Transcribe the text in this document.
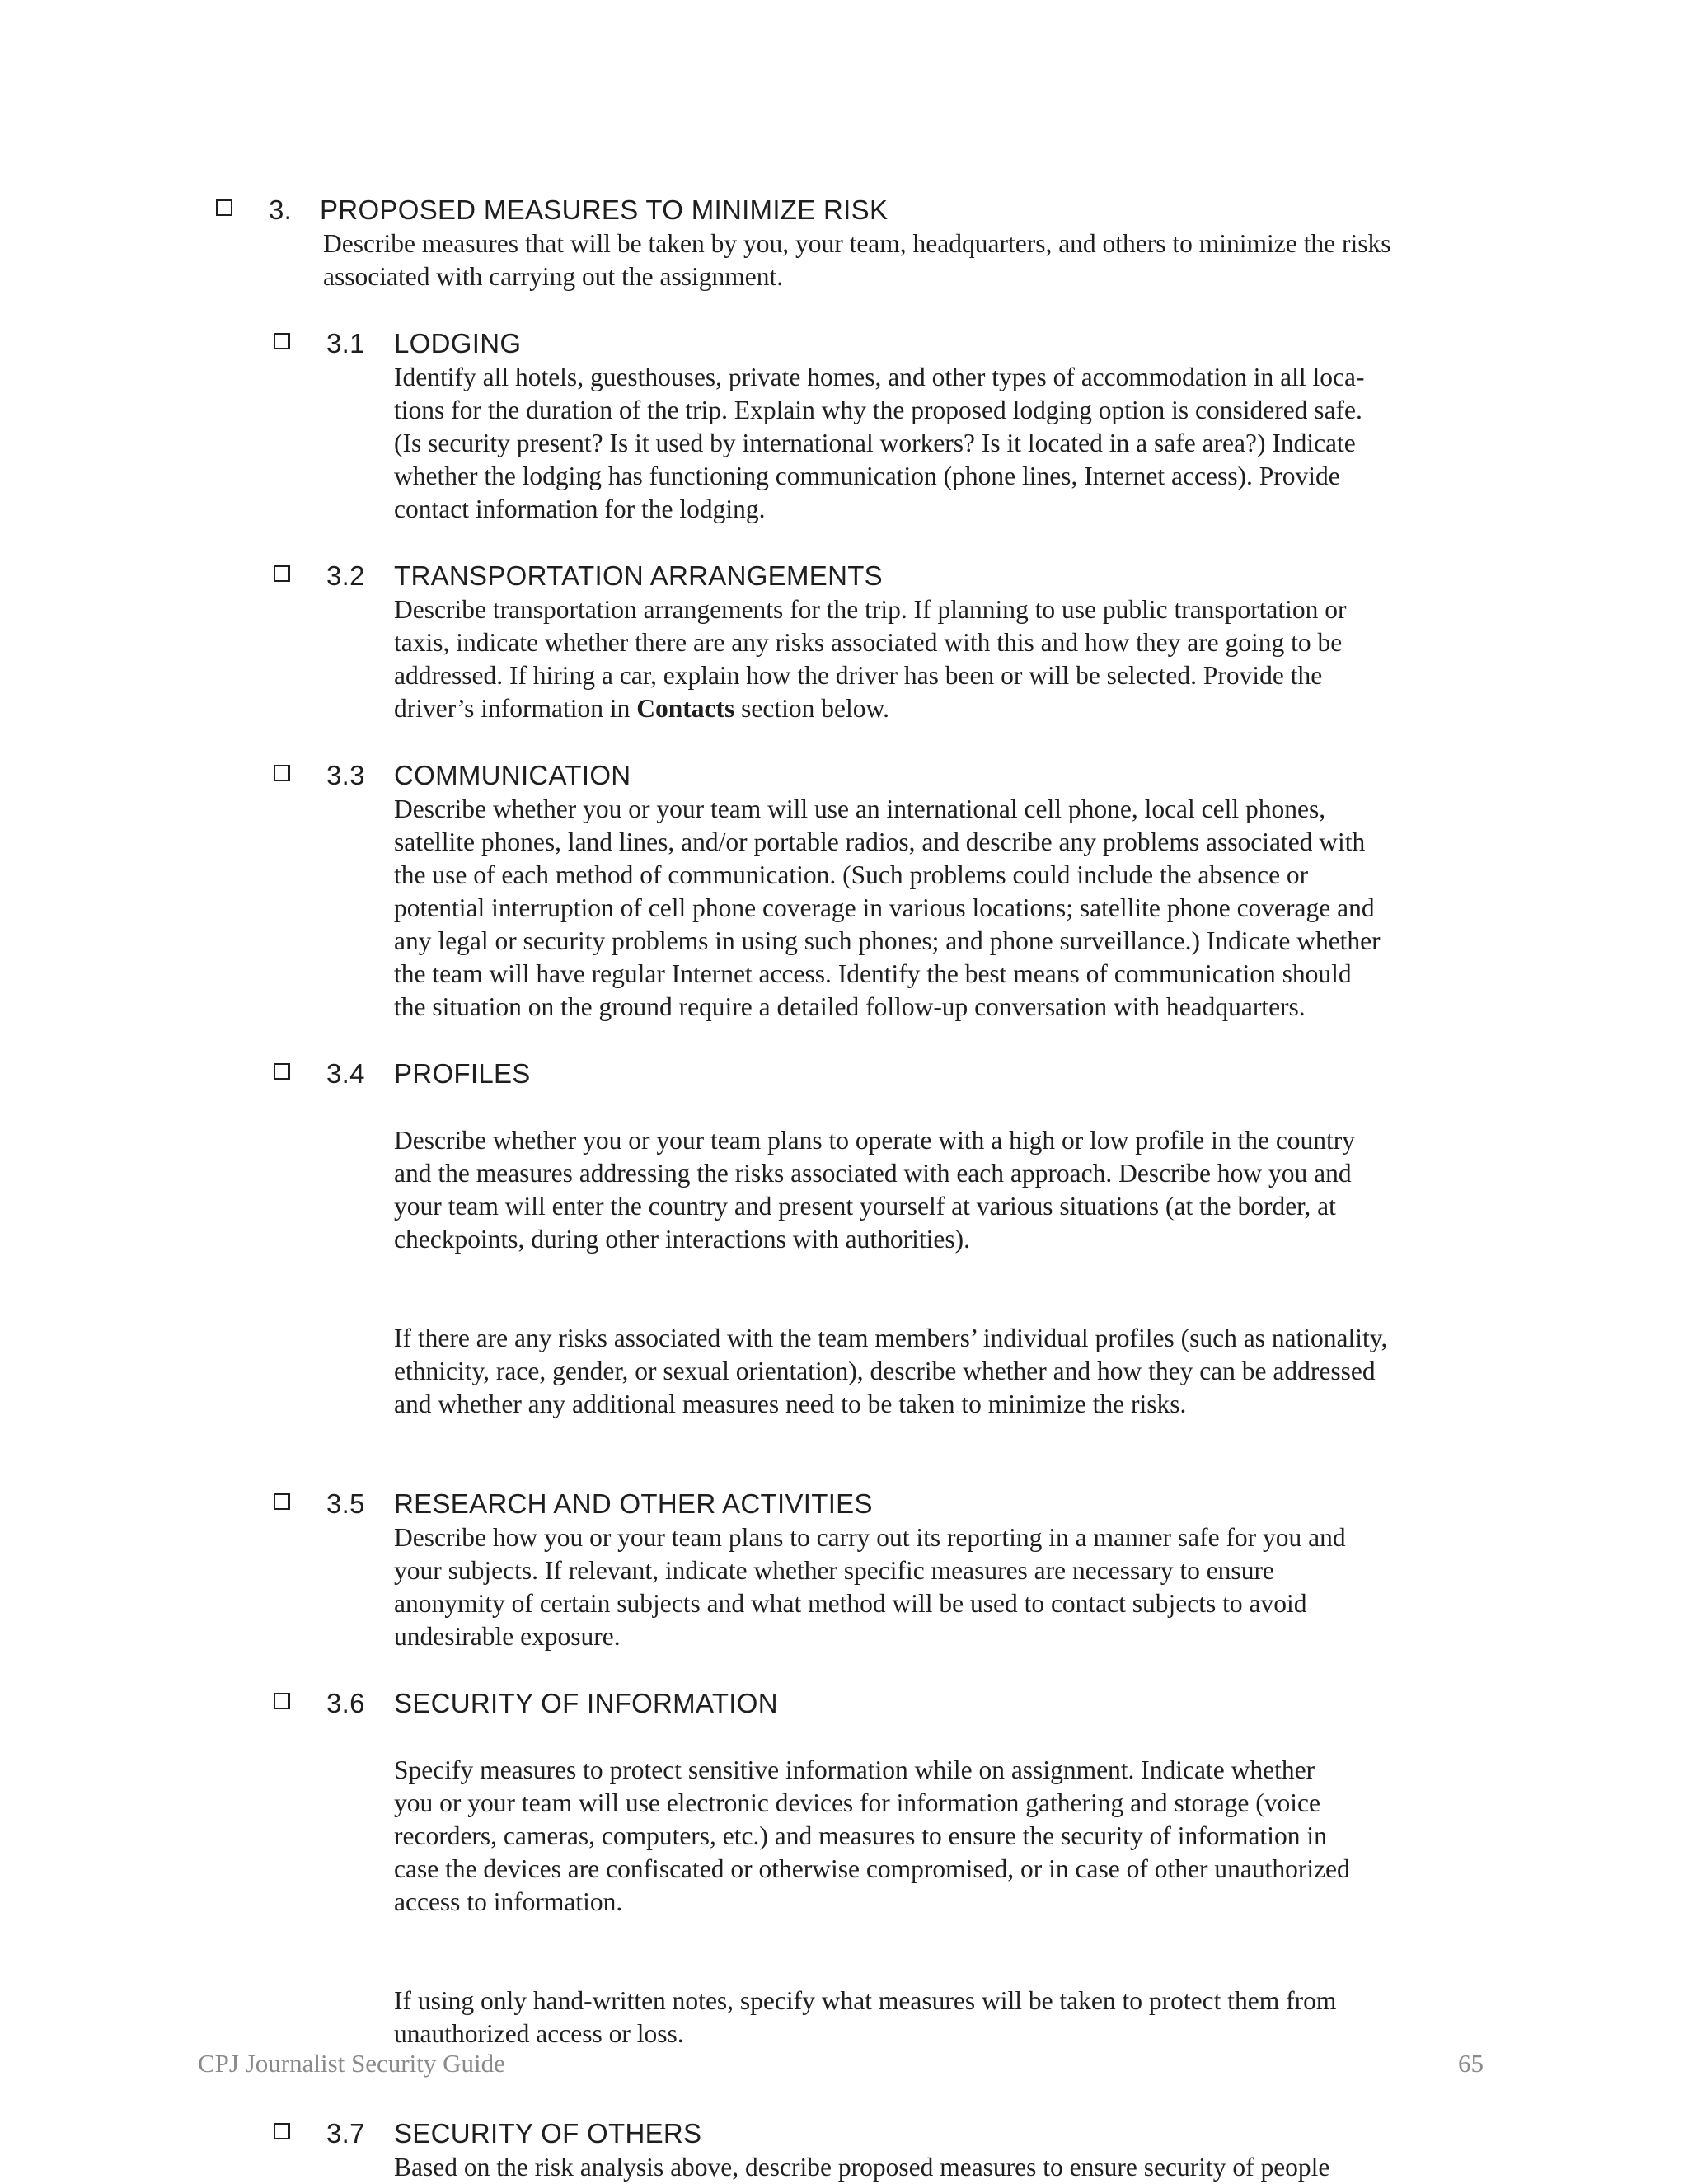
3. PROPOSED MEASURES TO MINIMIZE RISK
Describe measures that will be taken by you, your team, headquarters, and others to minimize the risks associated with carrying out the assignment.
3.1 LODGING
Identify all hotels, guesthouses, private homes, and other types of accommodation in all loca-
tions for the duration of the trip. Explain why the proposed lodging option is considered safe.
(Is security present? Is it used by international workers? Is it located in a safe area?) Indicate
whether the lodging has functioning communication (phone lines, Internet access). Provide
contact information for the lodging.
3.2 TRANSPORTATION ARRANGEMENTS
Describe transportation arrangements for the trip. If planning to use public transportation or
taxis, indicate whether there are any risks associated with this and how they are going to be
addressed. If hiring a car, explain how the driver has been or will be selected. Provide the
driver’s information in Contacts section below.
3.3 COMMUNICATION
Describe whether you or your team will use an international cell phone, local cell phones,
satellite phones, land lines, and/or portable radios, and describe any problems associated with
the use of each method of communication. (Such problems could include the absence or
potential interruption of cell phone coverage in various locations; satellite phone coverage and
any legal or security problems in using such phones; and phone surveillance.) Indicate whether
the team will have regular Internet access. Identify the best means of communication should
the situation on the ground require a detailed follow-up conversation with headquarters.
3.4 PROFILES

Describe whether you or your team plans to operate with a high or low profile in the country
and the measures addressing the risks associated with each approach. Describe how you and
your team will enter the country and present yourself at various situations (at the border, at
checkpoints, during other interactions with authorities).

If there are any risks associated with the team members’ individual profiles (such as nationality,
ethnicity, race, gender, or sexual orientation), describe whether and how they can be addressed
and whether any additional measures need to be taken to minimize the risks.

3.5 RESEARCH AND OTHER ACTIVITIES
Describe how you or your team plans to carry out its reporting in a manner safe for you and
your subjects. If relevant, indicate whether specific measures are necessary to ensure
anonymity of certain subjects and what method will be used to contact subjects to avoid
undesirable exposure.
3.6 SECURITY OF INFORMATION

Specify measures to protect sensitive information while on assignment. Indicate whether
you or your team will use electronic devices for information gathering and storage (voice
recorders, cameras, computers, etc.) and measures to ensure the security of information in
case the devices are confiscated or otherwise compromised, or in case of other unauthorized
access to information.

If using only hand-written notes, specify what measures will be taken to protect them from
unauthorized access or loss.

3.7 SECURITY OF OTHERS
Based on the risk analysis above, describe proposed measures to ensure security of people
CPJ Journalist Security Guide	65
